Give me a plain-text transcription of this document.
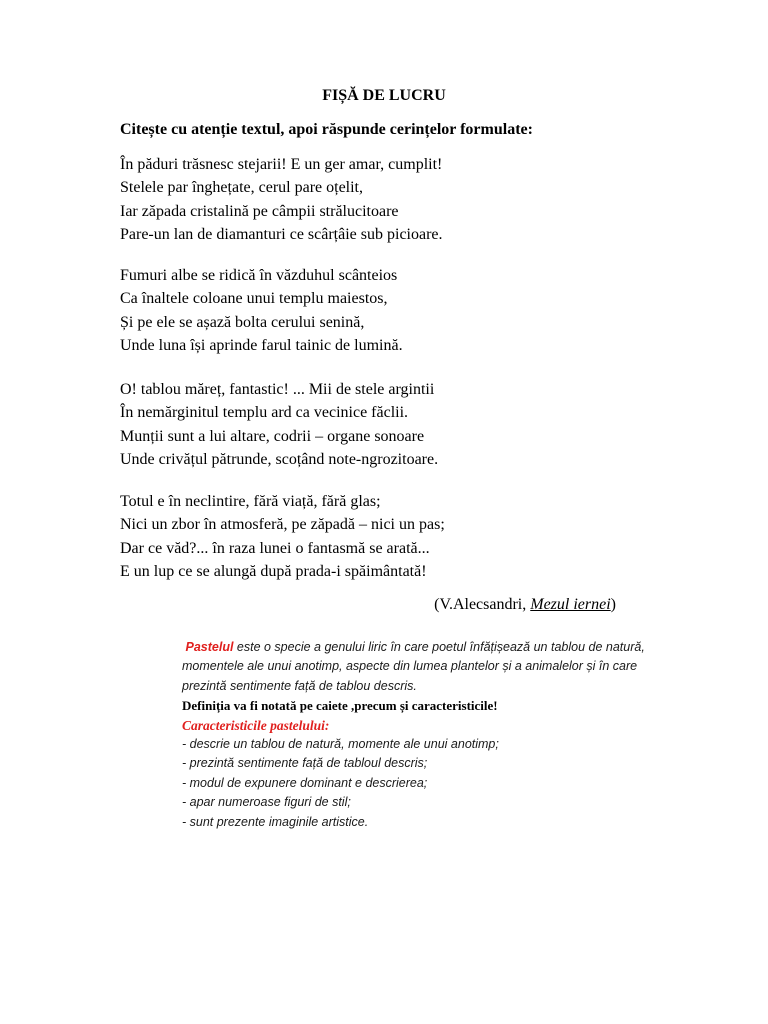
FIȘĂ DE LUCRU
Citește cu atenție textul, apoi răspunde cerințelor formulate:
În păduri trăsnesc stejarii! E un ger amar, cumplit!
Stelele par înghețate, cerul pare oțelit,
Iar zăpada cristalină pe câmpii strălucitoare
Pare-un lan de diamanturi ce scârțâie sub picioare.
Fumuri albe se ridică în văzduhul scânteios
Ca înaltele coloane unui templu maiestos,
Și pe ele se așază bolta cerului senină,
Unde luna își aprinde farul tainic de lumină.
O! tablou măreț, fantastic! ... Mii de stele argintii
În nemărginitul templu ard ca vecinice făclii.
Munții sunt a lui altare, codrii – organe sonoare
Unde crivățul pătrunde, scoțând note-ngrozitoare.
Totul e în neclintire, fără viață, fără glas;
Nici un zbor în atmosferă, pe zăpadă – nici un pas;
Dar ce văd?... în raza lunei o fantasmă se arată...
E un lup ce se alungă după prada-i spăimântată!
(V.Alecsandri, Mezul iernei)
Pastelul este o specie a genului liric în care poetul înfățișează un tablou de natură, momentele ale unui anotimp, aspecte din lumea plantelor și a animalelor și în care prezintă sentimente față de tablou descris.
Definiția va fi notată pe caiete ,precum și caracteristicile!
Caracteristicile pastelului:
- descrie un tablou de natură, momente ale unui anotimp;
- prezintă sentimente față de tabloul descris;
- modul de expunere dominant e descrierea;
- apar numeroase figuri de stil;
- sunt prezente imaginile artistice.
